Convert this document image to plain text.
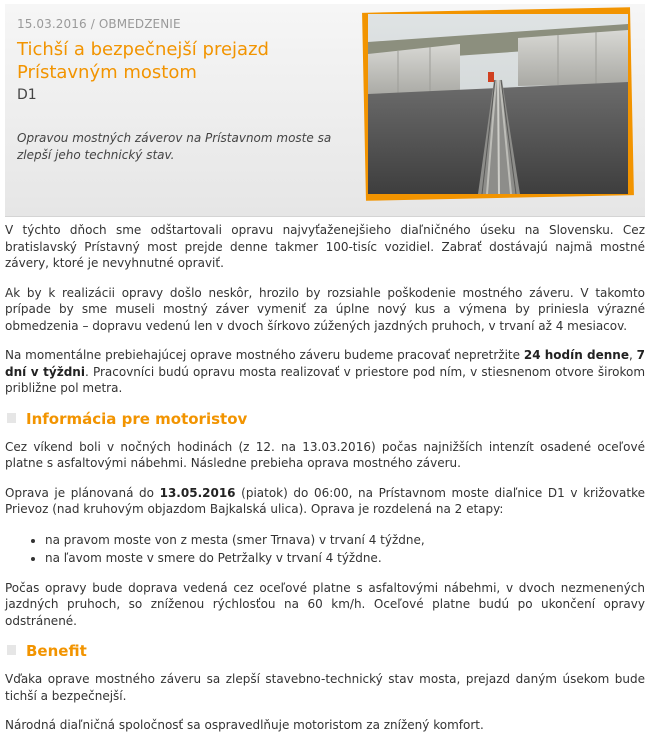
15.03.2016 / OBMEDZENIE
Tichší a bezpečnejší prejazd Prístavným mostom
D1
Opravou mostných záverov na Prístavnom moste sa zlepší jeho technický stav.

V týchto dňoch sme odštartovali opravu najvyťaženejšieho diaľničného úseku na Slovensku. Cez bratislavský Prístavný most prejde denne takmer 100-tisíc vozidiel. Zabrať dostávajú najmä mostné závery, ktoré je nevyhnutné opraviť.

Ak by k realizácii opravy došlo neskôr, hrozilo by rozsiahle poškodenie mostného záveru. V takomto prípade by sme museli mostný záver vymeniť za úplne nový kus a výmena by priniesla výrazné obmedzenia – dopravu vedenú len v dvoch šírkovo zúžených jazdných pruhoch, v trvaní až 4 mesiacov.

Na momentálne prebiehajúcej oprave mostného záveru budeme pracovať nepretržite 24 hodín denne, 7 dní v týždni. Pracovníci budú opravu mosta realizovať v priestore pod ním, v stiesnenom otvore širokom približne pol metra.

Informácia pre motoristov

Cez víkend boli v nočných hodinách (z 12. na 13.03.2016) počas najnižších intenzít osadené oceľové platne s asfaltovými nábehmi. Následne prebieha oprava mostného záveru.

Oprava je plánovaná do 13.05.2016 (piatok) do 06:00, na Prístavnom moste diaľnice D1 v križovatke Prievoz (nad kruhovým objazdom Bajkalská ulica). Oprava je rozdelená na 2 etapy:

• na pravom moste von z mesta (smer Trnava) v trvaní 4 týždne,
• na ľavom moste v smere do Petržalky v trvaní 4 týždne.

Počas opravy bude doprava vedená cez oceľové platne s asfaltovými nábehmi, v dvoch nezmenených jazdných pruhoch, so zníženou rýchlosťou na 60 km/h. Oceľové platne budú po ukončení opravy odstránené.

Benefit

Vďaka oprave mostného záveru sa zlepší stavebno-technický stav mosta, prejazd daným úsekom bude tichší a bezpečnejší.

Národná diaľničná spoločnosť sa ospravedlňuje motoristom za znížený komfort.
